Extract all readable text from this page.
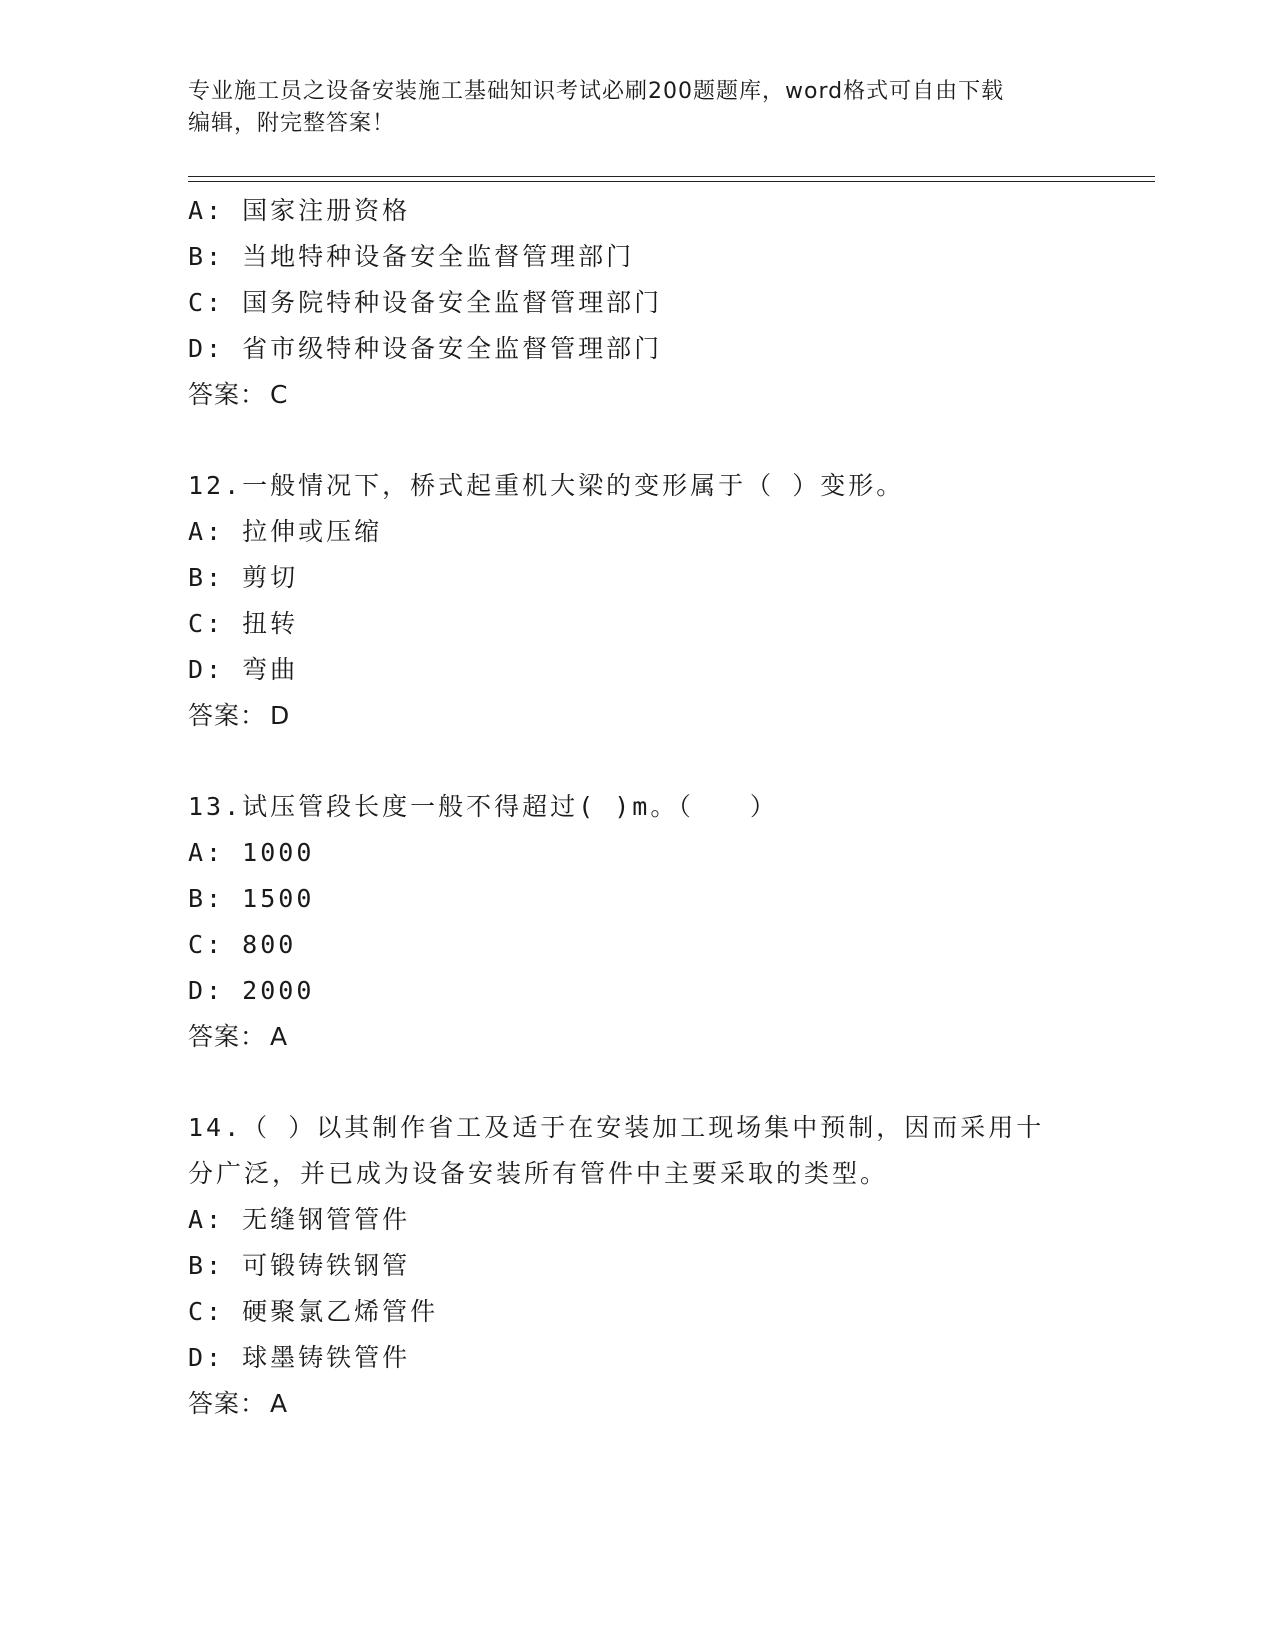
专业施工员之设备安装施工基础知识考试必刷200题题库，word格式可自由下载
编辑，附完整答案！
A: 国家注册资格
B: 当地特种设备安全监督管理部门
C: 国务院特种设备安全监督管理部门
D: 省市级特种设备安全监督管理部门
答案： C
12.一般情况下，桥式起重机大梁的变形属于（ ）变形。
A: 拉伸或压缩
B: 剪切
C: 扭转
D: 弯曲
答案： D
13.试压管段长度一般不得超过( )m。（　　）
A: 1000
B: 1500
C: 800
D: 2000
答案： A
14.（ ）以其制作省工及适于在安装加工现场集中预制，因而采用十
分广泛，并已成为设备安装所有管件中主要采取的类型。
A: 无缝钢管管件
B: 可锻铸铁钢管
C: 硬聚氯乙烯管件
D: 球墨铸铁管件
答案： A
